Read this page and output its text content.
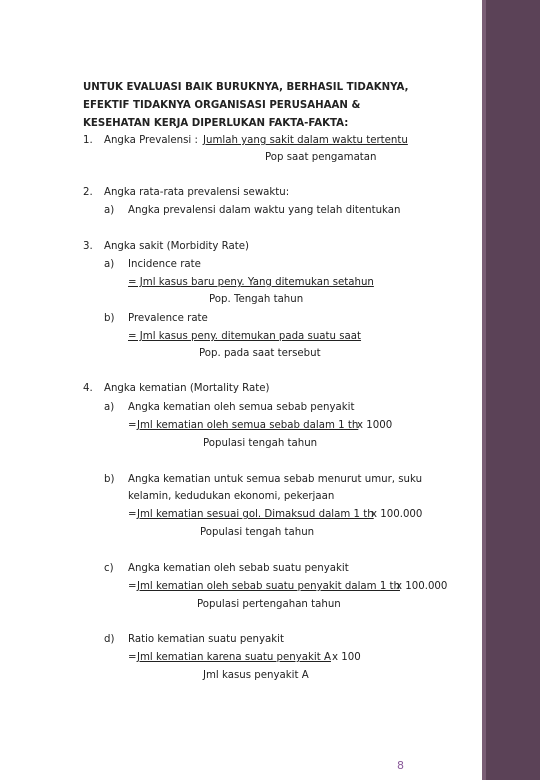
UNTUK EVALUASI BAIK BURUKNYA, BERHASIL TIDAKNYA,
EFEKTIF TIDAKNYA ORGANISASI PERUSAHAAN &
KESEHATAN KERJA DIPERLUKAN FAKTA-FAKTA:
1. Angka Prevalensi : Jumlah yang sakit dalam waktu tertentu
Pop saat pengamatan
2. Angka rata-rata prevalensi sewaktu:
a) Angka prevalensi dalam waktu yang telah ditentukan
3. Angka sakit (Morbidity Rate)
a) Incidence rate
= Jml kasus baru peny. Yang ditemukan setahun
Pop. Tengah tahun
b) Prevalence rate
= Jml kasus peny. ditemukan pada suatu saat
Pop. pada saat tersebut
4. Angka kematian (Mortality Rate)
a) Angka kematian oleh semua sebab penyakit
= Jml kematian oleh semua sebab dalam 1 th
x 1000
Populasi tengah tahun
b) Angka kematian untuk semua sebab menurut umur, suku
kelamin, kedudukan ekonomi, pekerjaan
= Jml kematian sesuai gol. Dimaksud dalam 1 th
x 100.000
Populasi tengah tahun
c) Angka kematian oleh sebab suatu penyakit
= Jml kematian oleh sebab suatu penyakit dalam 1 th
x 100.000
Populasi pertengahan tahun
d) Ratio kematian suatu penyakit
= Jml kematian karena suatu penyakit A x 100
Jml kasus penyakit A
8
